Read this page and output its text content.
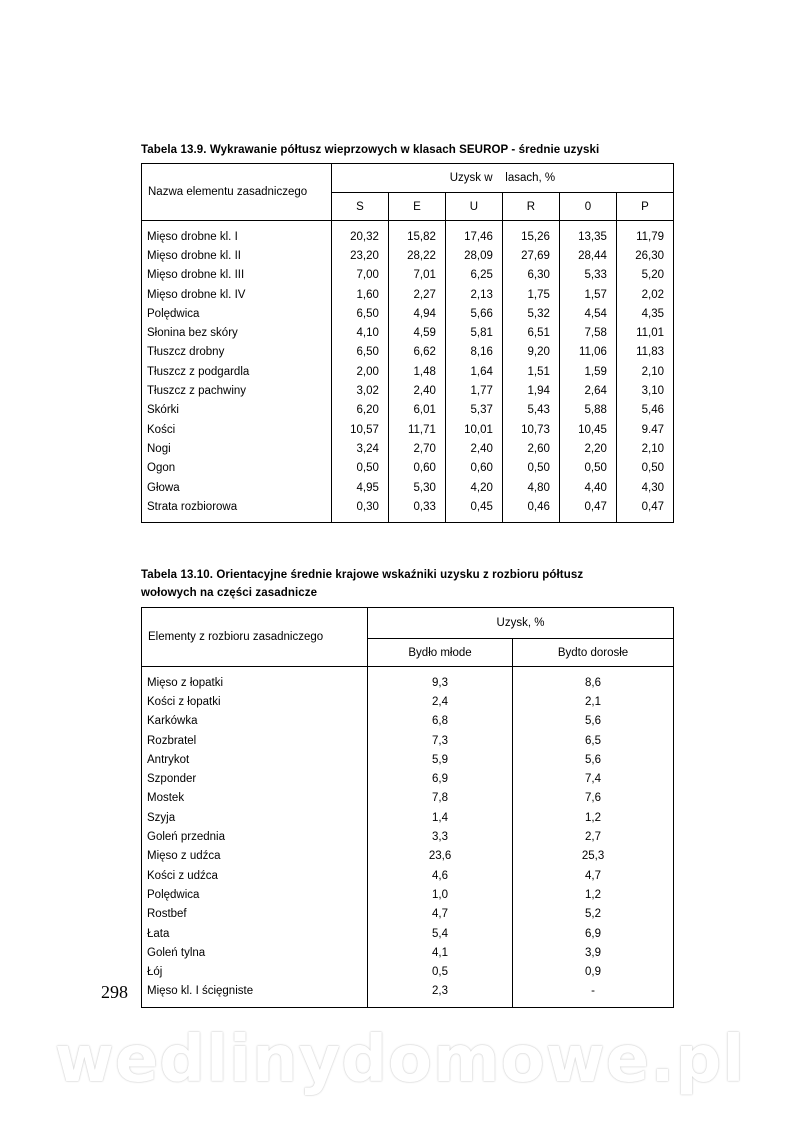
Tabela 13.9. Wykrawanie półtusz wieprzowych w klasach SEUROP - średnie uzyski
Nazwa elementu zasadniczego	Uzysk w    lasach, %					
	S	E	U	R	0	P

Mięso drobne kl. I	20,32	15,82	17,46	15,26	13,35	11,79
Mięso drobne kl. II	23,20	28,22	28,09	27,69	28,44	26,30
Mięso drobne kl. III	7,00	7,01	6,25	6,30	5,33	5,20
Mięso drobne kl. IV	1,60	2,27	2,13	1,75	1,57	2,02
Polędwica	6,50	4,94	5,66	5,32	4,54	4,35
Słonina bez skóry	4,10	4,59	5,81	6,51	7,58	11,01
Tłuszcz drobny	6,50	6,62	8,16	9,20	11,06	11,83
Tłuszcz z podgardla	2,00	1,48	1,64	1,51	1,59	2,10
Tłuszcz z pachwiny	3,02	2,40	1,77	1,94	2,64	3,10
Skórki	6,20	6,01	5,37	5,43	5,88	5,46
Kości	10,57	11,71	10,01	10,73	10,45	9.47
Nogi	3,24	2,70	2,40	2,60	2,20	2,10
Ogon	0,50	0,60	0,60	0,50	0,50	0,50
Głowa	4,95	5,30	4,20	4,80	4,40	4,30
Strata rozbiorowa	0,30	0,33	0,45	0,46	0,47	0,47

Tabela 13.10. Orientacyjne średnie krajowe wskaźniki uzysku z rozbioru półtusz
wołowych na części zasadnicze
Elementy z rozbioru zasadniczego	Uzysk, %	
	Bydło młode	Bydto dorosłe

Mięso z łopatki	9,3	8,6
Kości z łopatki	2,4	2,1
Karkówka	6,8	5,6
Rozbratel	7,3	6,5
Antrykot	5,9	5,6
Szponder	6,9	7,4
Mostek	7,8	7,6
Szyja	1,4	1,2
Goleń przednia	3,3	2,7
Mięso z udźca	23,6	25,3
Kości z udźca	4,6	4,7
Polędwica	1,0	1,2
Rostbef	4,7	5,2
Łata	5,4	6,9
Goleń tylna	4,1	3,9
Łój	0,5	0,9
Mięso kl. I ścięgniste	2,3	-

298
wedlinydomowe.pl
